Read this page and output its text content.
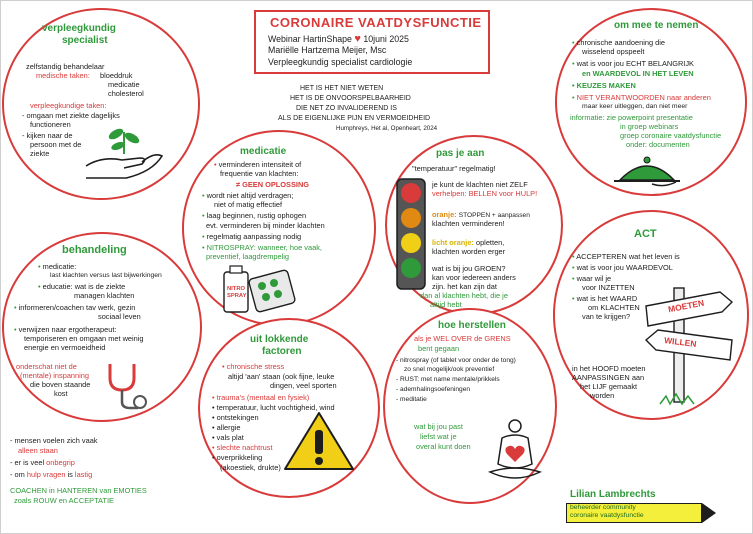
CORONAIRE VAATDYSFUNCTIE
Webinar HartinShape ♥ 10juni 2025
Mariëlle Hartzema Meijer, Msc
Verpleegkundig specialist cardiologie
HET IS HET NIET WETEN
HET IS DE ONVOORSPELBAARHEID
DIE NET ZO INVALIDEREND IS
ALS DE EIGENLIJKE PIJN EN VERMOEIDHEID
Humphreys, Het al, Openheart, 2024
verpleegkundig
specialist
zelfstandig behandelaar
medische taken: bloeddruk
medicatie
cholesterol
verpleegkundige taken:
- omgaan met ziekte dagelijks
functioneren
- kijken naar de
persoon met de
ziekte	medicatie
• verminderen intensiteit of
frequentie van klachten:
≠ GEEN OPLOSSING
• wordt niet altijd verdragen;
niet of matig effectief
• laag beginnen, rustig ophogen
evt. verminderen bij minder klachten
• regelmatig aanpassing nodig
• NITROSPRAY: wanneer, hoe vaak,
preventief, laagdrempelig
NITRO SPRAY
pas je aan
"temperatuur" regelmatig!
je kunt de klachten niet ZELF
verhelpen: BELLEN voor HULP!
oranje: STOPPEN + aanpassen
klachten verminderen!
licht oranje: opletten,
klachten worden erger
wat is bij jou GROEN?
kan voor iedereen anders
zijn. het kan zijn dat
dan al klachten hebt, die je
altijd hebt
om mee te nemen
• chronische aandoening die
wisselend opspeelt
• wat is voor jou ECHT BELANGRIJK
en WAARDEVOL IN HET LEVEN
• KEUZES MAKEN
• NIET VERANTWOORDEN naar anderen
maar keer uitleggen, dan niet meer
informatie: zie powerpoint presentatie
in groep webinars
groep coronaire vaatdysfunctie
onder: documenten
behandeling
• medicatie:
last klachten versus last bijwerkingen
• educatie: wat is de ziekte
managen klachten
• informeren/coachen tav werk, gezin
sociaal leven
• verwijzen naar ergotherapeut:
temporiseren en omgaan met weinig
energie en vermoeidheid
onderschat niet de
(mentale) inspanning
die boven staande
kost
uit lokkende
factoren
• chronische stress
altijd 'aan' staan (ook fijne, leuke
dingen, veel sporten
• trauma's (mentaal en fysiek)
• temperatuur, lucht vochtigheid, wind
• ontstekingen
• allergie
• vals plat
• slechte nachtrust
• overprikkeling
(akoestiek, drukte)
hoe herstellen
als je WEL OVER de GRENS
bent gegaan
- nitrospray (of tablet voor onder de tong)
zo snel mogelijk/ook preventief
- RUST: met name mentale/prikkels
- ademhalingsoefeningen
- meditatie
wat bij jou past
liefst wat je
overal kunt doen
ACT
• ACCEPTEREN wat het leven is
• wat is voor jou WAARDEVOL
• waar wil je
voor INZETTEN
• wat is het WAARD
om KLACHTEN
van te krijgen?
in het HOOFD moeten
AANPASSINGEN aan
het LIJF gemaakt
worden
MOETEN
WILLEN
- mensen voelen zich vaak
alleen staan
- er is veel onbegrip
- om hulp vragen is lastig
COACHEN in HANTEREN van EMOTIES
zoals ROUW en ACCEPTATIE
Lilian Lambrechts
beheerder community
coronaire vaatdysfunctie
